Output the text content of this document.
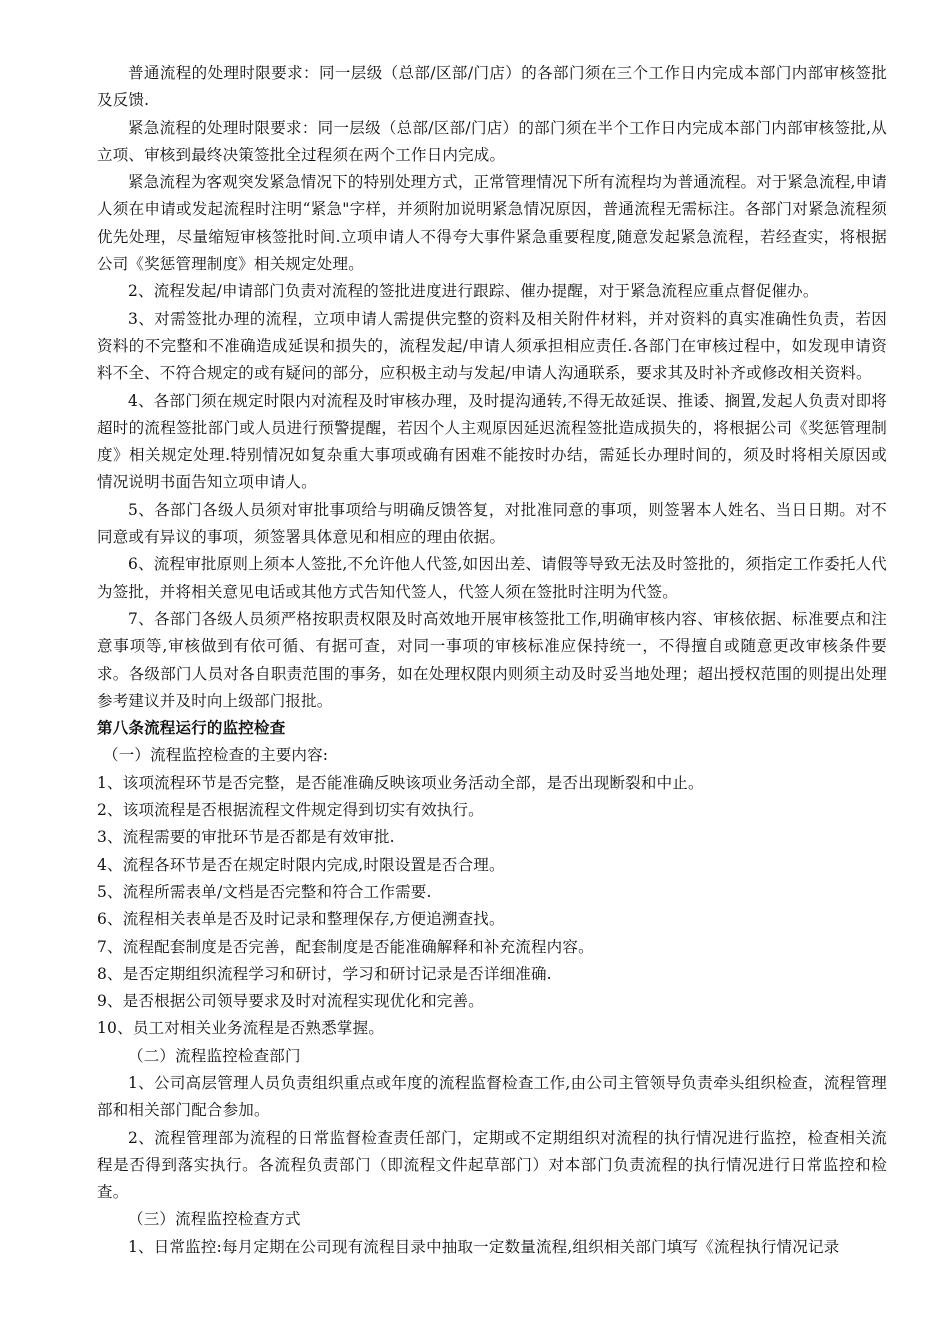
普通流程的处理时限要求：同一层级（总部/区部/门店）的各部门须在三个工作日内完成本部门内部审核签批及反馈.

紧急流程的处理时限要求：同一层级（总部/区部/门店）的部门须在半个工作日内完成本部门内部审核签批,从立项、审核到最终决策签批全过程须在两个工作日内完成。

紧急流程为客观突发紧急情况下的特别处理方式，正常管理情况下所有流程均为普通流程。对于紧急流程,申请人须在申请或发起流程时注明“紧急"字样，并须附加说明紧急情况原因，普通流程无需标注。各部门对紧急流程须优先处理，尽量缩短审核签批时间.立项申请人不得夸大事件紧急重要程度,随意发起紧急流程，若经查实，将根据公司《奖惩管理制度》相关规定处理。

2、流程发起/申请部门负责对流程的签批进度进行跟踪、催办提醒，对于紧急流程应重点督促催办。

3、对需签批办理的流程，立项申请人需提供完整的资料及相关附件材料，并对资料的真实准确性负责，若因资料的不完整和不准确造成延误和损失的，流程发起/申请人须承担相应责任.各部门在审核过程中，如发现申请资料不全、不符合规定的或有疑问的部分，应积极主动与发起/申请人沟通联系，要求其及时补齐或修改相关资料。

4、各部门须在规定时限内对流程及时审核办理，及时提沟通转,不得无故延误、推诿、搁置,发起人负责对即将超时的流程签批部门或人员进行预警提醒，若因个人主观原因延迟流程签批造成损失的，将根据公司《奖惩管理制度》相关规定处理.特别情况如复杂重大事项或确有困难不能按时办结，需延长办理时间的，须及时将相关原因或情况说明书面告知立项申请人。

5、各部门各级人员须对审批事项给与明确反馈答复，对批准同意的事项，则签署本人姓名、当日日期。对不同意或有异议的事项，须签署具体意见和相应的理由依据。

6、流程审批原则上须本人签批,不允许他人代签,如因出差、请假等导致无法及时签批的，须指定工作委托人代为签批，并将相关意见电话或其他方式告知代签人，代签人须在签批时注明为代签。

7、各部门各级人员须严格按职责权限及时高效地开展审核签批工作,明确审核内容、审核依据、标准要点和注意事项等,审核做到有依可循、有据可查，对同一事项的审核标准应保持统一，不得擅自或随意更改审核条件要求。各级部门人员对各自职责范围的事务，如在处理权限内则须主动及时妥当地处理；超出授权范围的则提出处理参考建议并及时向上级部门报批。

第八条流程运行的监控检查

（一）流程监控检查的主要内容:

1、该项流程环节是否完整，是否能准确反映该项业务活动全部，是否出现断裂和中止。

2、该项流程是否根据流程文件规定得到切实有效执行。

3、流程需要的审批环节是否都是有效审批.

4、流程各环节是否在规定时限内完成,时限设置是否合理。

5、流程所需表单/文档是否完整和符合工作需要.

6、流程相关表单是否及时记录和整理保存,方便追溯查找。

7、流程配套制度是否完善，配套制度是否能准确解释和补充流程内容。

8、是否定期组织流程学习和研讨，学习和研讨记录是否详细准确.

9、是否根据公司领导要求及时对流程实现优化和完善。

10、员工对相关业务流程是否熟悉掌握。

（二）流程监控检查部门

1、公司高层管理人员负责组织重点或年度的流程监督检查工作,由公司主管领导负责牵头组织检查，流程管理部和相关部门配合参加。

2、流程管理部为流程的日常监督检查责任部门，定期或不定期组织对流程的执行情况进行监控，检查相关流程是否得到落实执行。各流程负责部门（即流程文件起草部门）对本部门负责流程的执行情况进行日常监控和检查。

（三）流程监控检查方式

1、日常监控:每月定期在公司现有流程目录中抽取一定数量流程,组织相关部门填写《流程执行情况记录
